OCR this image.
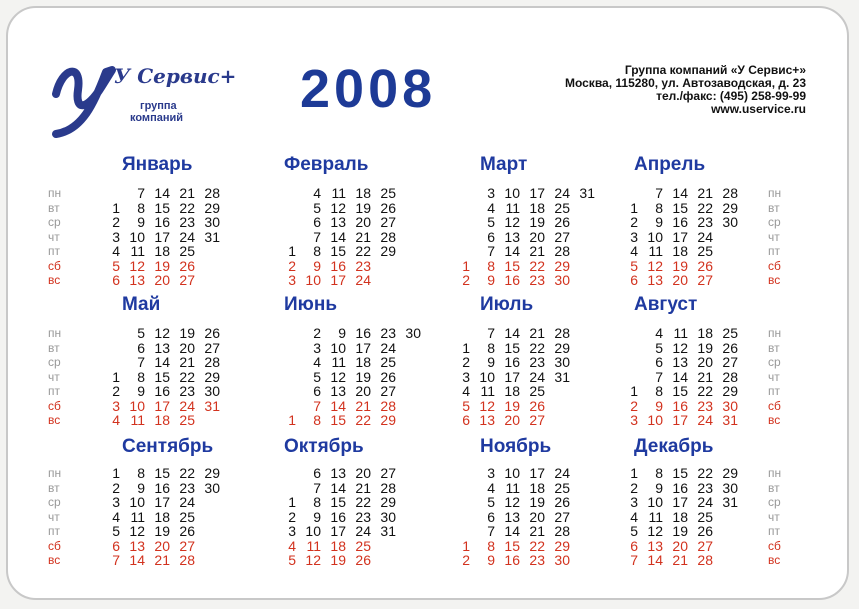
У Сервис+
группа
компаний 2008	Группа компаний «У Сервис+»
Москва, 115280, ул. Автозаводская, д. 23
тел./факс: (495) 258-99-99
www.uservice.ru
Январь
1
2
3
4
5
6
7
8
9
10
11
12
13
14
15
16
17
18
19
20
21
22
23
24
25
26
27
28
29
30
31
Февраль
1
2
3
4
5
6
7
8
9
10
11
12
13
14
15
16
17
18
19
20
21
22
23
24
25
26
27
28
29
Март
1
2
3
4
5
6
7
8
9
10
11
12
13
14
15
16
17
18
19
20
21
22
23
24
25
26
27
28
29
30
31
Апрель
1
2
3
4
5
6
7
8
9
10
11
12
13
14
15
16
17
18
19
20
21
22
23
24
25
26
27
28
29
30
Май
1
2
3
4
5
6
7
8
9
10
11
12
13
14
15
16
17
18
19
20
21
22
23
24
25
26
27
28
29
30
31
Июнь
1
2
3
4
5
6
7
8
9
10
11
12
13
14
15
16
17
18
19
20
21
22
23
24
25
26
27
28
29
30
Июль
1
2
3
4
5
6
7
8
9
10
11
12
13
14
15
16
17
18
19
20
21
22
23
24
25
26
27
28
29
30
31
Август
1
2
3
4
5
6
7
8
9
10
11
12
13
14
15
16
17
18
19
20
21
22
23
24
25
26
27
28
29
30
31
Сентябрь
1
2
3
4
5
6
7
8
9
10
11
12
13
14
15
16
17
18
19
20
21
22
23
24
25
26
27
28
29
30
Октябрь
1
2
3
4
5
6
7
8
9
10
11
12
13
14
15
16
17
18
19
20
21
22
23
24
25
26
27
28
29
30
31
Ноябрь
1
2
3
4
5
6
7
8
9
10
11
12
13
14
15
16
17
18
19
20
21
22
23
24
25
26
27
28
29
30
Декабрь
1
2
3
4
5
6
7
8
9
10
11
12
13
14
15
16
17
18
19
20
21
22
23
24
25
26
27
28
29
30
31
пн
вт
ср
чт
пт
сб
вс
пн
вт
ср
чт
пт
сб
вс
пн
вт
ср
чт
пт
сб
вс
пн
вт
ср
чт
пт
сб
вс
пн
вт
ср
чт
пт
сб
вс
пн
вт
ср
чт
пт
сб
вс
